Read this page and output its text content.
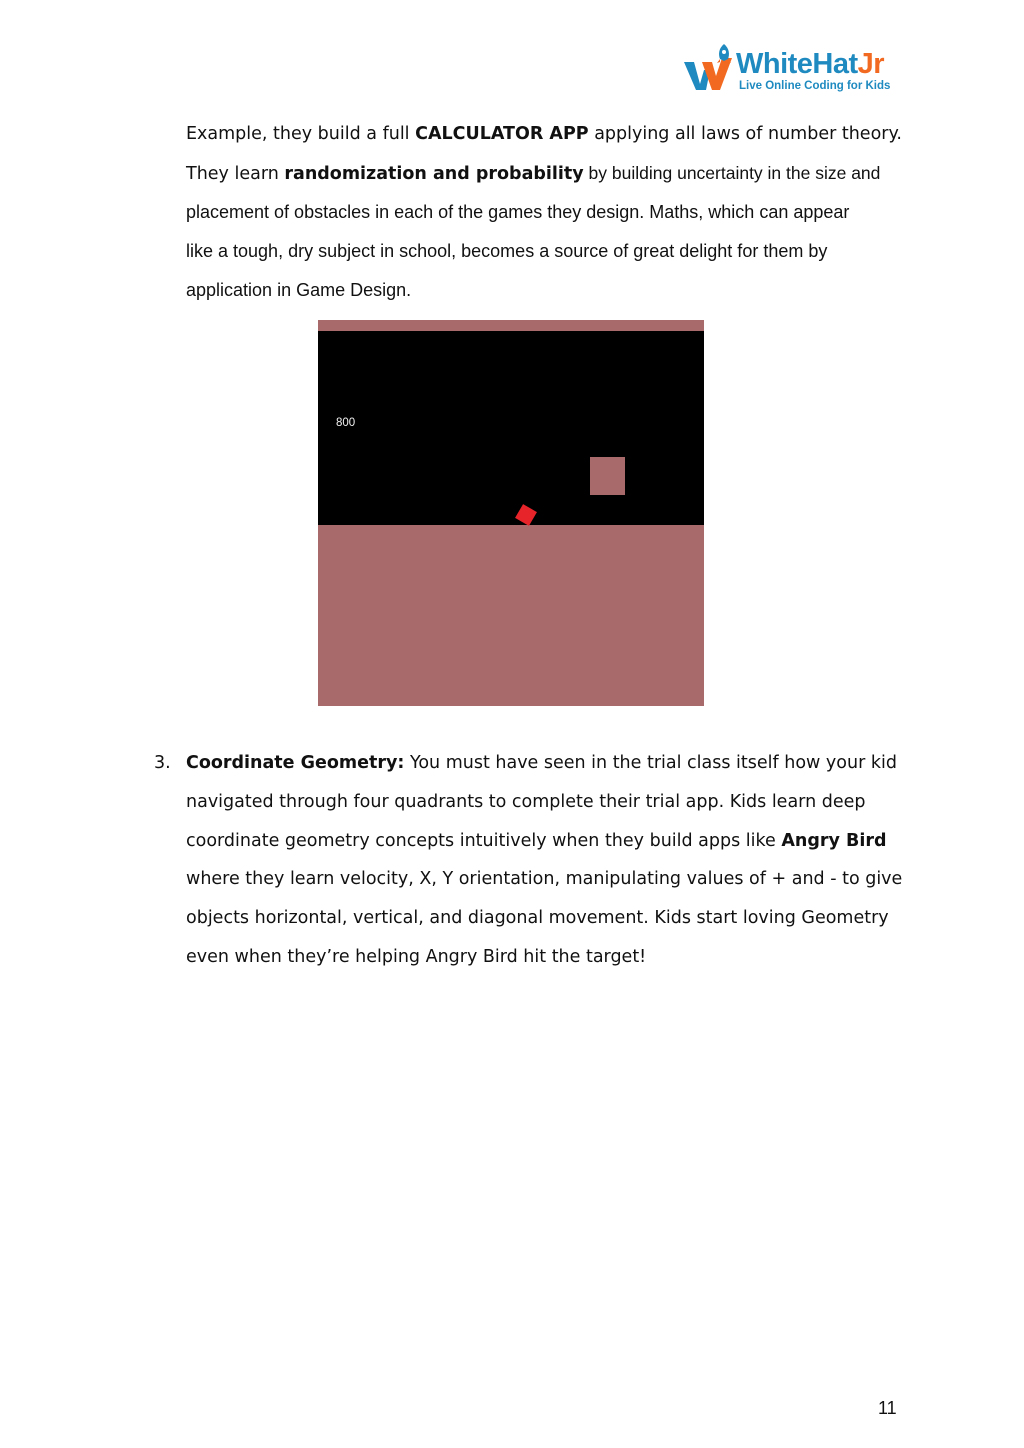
WhiteHatJr
Live Online Coding for Kids
Example, they build a full CALCULATOR APP applying all laws of number theory.
They learn randomization and probability by building uncertainty in the size and
placement of obstacles in each of the games they design. Maths, which can appear
like a tough, dry subject in school, becomes a source of great delight for them by
application in Game Design.
800
3. Coordinate Geometry: You must have seen in the trial class itself how your kid
navigated through four quadrants to complete their trial app. Kids learn deep
coordinate geometry concepts intuitively when they build apps like Angry Bird
where they learn velocity, X, Y orientation, manipulating values of + and - to give
objects horizontal, vertical, and diagonal movement. Kids start loving Geometry
even when they’re helping Angry Bird hit the target!
11
